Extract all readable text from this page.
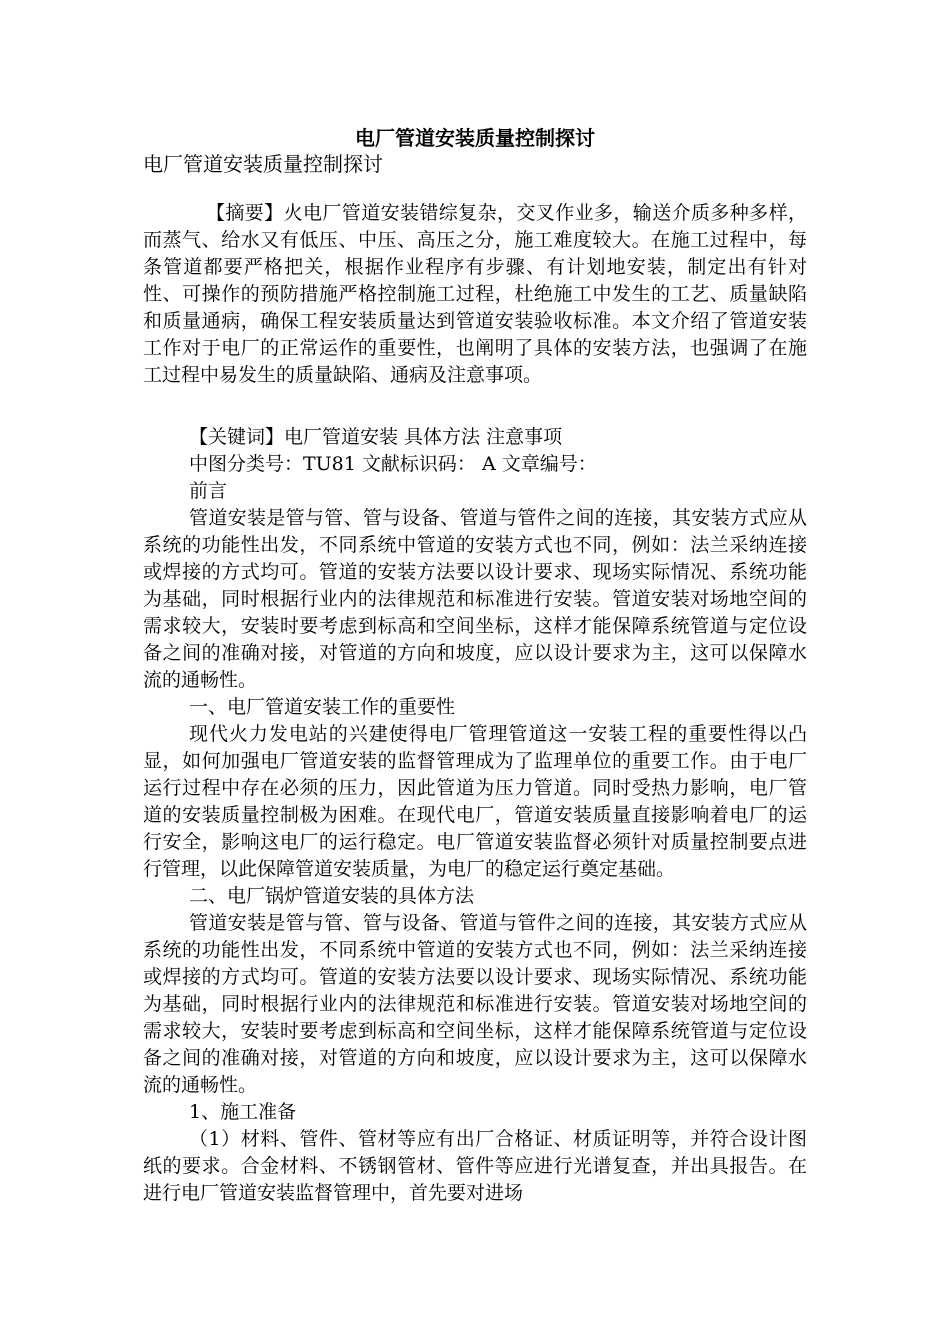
电厂管道安装质量控制探讨
电厂管道安装质量控制探讨

【摘要】火电厂管道安装错综复杂，交叉作业多，输送介质多种多样，而蒸气、给水又有低压、中压、高压之分，施工难度较大。在施工过程中，每条管道都要严格把关，根据作业程序有步骤、有计划地安装，制定出有针对性、可操作的预防措施严格控制施工过程，杜绝施工中发生的工艺、质量缺陷和质量通病，确保工程安装质量达到管道安装验收标准。本文介绍了管道安装工作对于电厂的正常运作的重要性，也阐明了具体的安装方法，也强调了在施工过程中易发生的质量缺陷、通病及注意事项。

【关键词】电厂管道安装 具体方法 注意事项

中图分类号：TU81 文献标识码： A 文章编号：

前言

管道安装是管与管、管与设备、管道与管件之间的连接，其安装方式应从系统的功能性出发，不同系统中管道的安装方式也不同，例如：法兰采纳连接或焊接的方式均可。管道的安装方法要以设计要求、现场实际情况、系统功能为基础，同时根据行业内的法律规范和标准进行安装。管道安装对场地空间的需求较大，安装时要考虑到标高和空间坐标，这样才能保障系统管道与定位设备之间的准确对接，对管道的方向和坡度，应以设计要求为主，这可以保障水流的通畅性。

一、电厂管道安装工作的重要性

现代火力发电站的兴建使得电厂管理管道这一安装工程的重要性得以凸显，如何加强电厂管道安装的监督管理成为了监理单位的重要工作。由于电厂运行过程中存在必须的压力，因此管道为压力管道。同时受热力影响，电厂管道的安装质量控制极为困难。在现代电厂，管道安装质量直接影响着电厂的运行安全，影响这电厂的运行稳定。电厂管道安装监督必须针对质量控制要点进行管理，以此保障管道安装质量，为电厂的稳定运行奠定基础。

二、电厂锅炉管道安装的具体方法

管道安装是管与管、管与设备、管道与管件之间的连接，其安装方式应从系统的功能性出发，不同系统中管道的安装方式也不同，例如：法兰采纳连接或焊接的方式均可。管道的安装方法要以设计要求、现场实际情况、系统功能为基础，同时根据行业内的法律规范和标准进行安装。管道安装对场地空间的需求较大，安装时要考虑到标高和空间坐标，这样才能保障系统管道与定位设备之间的准确对接，对管道的方向和坡度，应以设计要求为主，这可以保障水流的通畅性。

1、施工准备

（1）材料、管件、管材等应有出厂合格证、材质证明等，并符合设计图纸的要求。合金材料、不锈钢管材、管件等应进行光谱复查，并出具报告。在进行电厂管道安装监督管理中，首先要对进场
